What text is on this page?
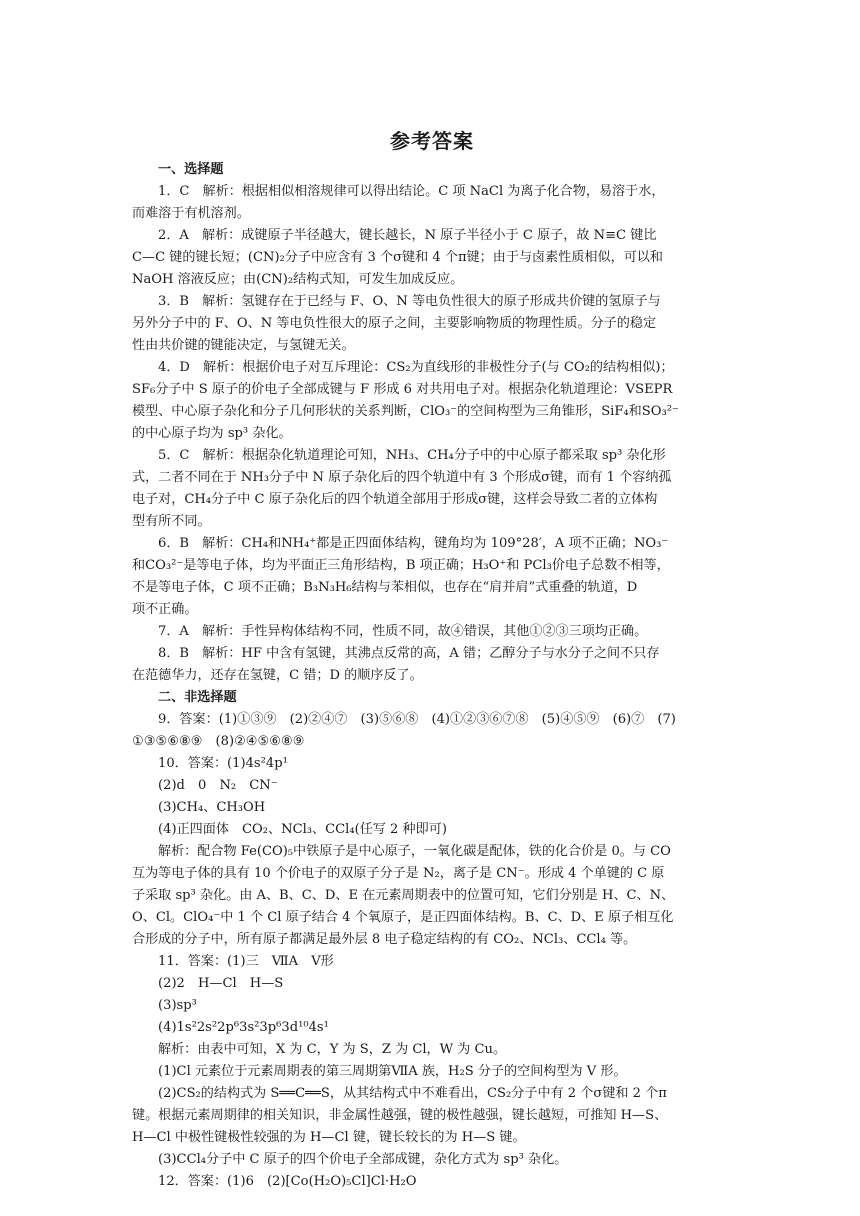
参考答案
一、选择题
1．C　解析：根据相似相溶规律可以得出结论。C 项 NaCl 为离子化合物，易溶于水，
而难溶于有机溶剂。
2．A　解析：成键原子半径越大，键长越长，N 原子半径小于 C 原子，故 N≡C 键比
C—C 键的键长短；(CN)₂分子中应含有 3 个σ键和 4 个π键；由于与卤素性质相似，可以和
NaOH 溶液反应；由(CN)₂结构式知，可发生加成反应。
3．B　解析：氢键存在于已经与 F、O、N 等电负性很大的原子形成共价键的氢原子与
另外分子中的 F、O、N 等电负性很大的原子之间，主要影响物质的物理性质。分子的稳定
性由共价键的键能决定，与氢键无关。
4．D　解析：根据价电子对互斥理论：CS₂为直线形的非极性分子(与 CO₂的结构相似)；
SF₆分子中 S 原子的价电子全部成键与 F 形成 6 对共用电子对。根据杂化轨道理论：VSEPR
模型、中心原子杂化和分子几何形状的关系判断，ClO₃⁻的空间构型为三角锥形，SiF₄和SO₃²⁻
的中心原子均为 sp³ 杂化。
5．C　解析：根据杂化轨道理论可知，NH₃、CH₄分子中的中心原子都采取 sp³ 杂化形
式，二者不同在于 NH₃分子中 N 原子杂化后的四个轨道中有 3 个形成σ键，而有 1 个容纳孤
电子对，CH₄分子中 C 原子杂化后的四个轨道全部用于形成σ键，这样会导致二者的立体构
型有所不同。
6．B　解析：CH₄和NH₄⁺都是正四面体结构，键角均为 109°28′，A 项不正确；NO₃⁻
和CO₃²⁻是等电子体，均为平面正三角形结构，B 项正确；H₃O⁺和 PCl₃价电子总数不相等，
不是等电子体，C 项不正确；B₃N₃H₆结构与苯相似，也存在“肩并肩”式重叠的轨道，D
项不正确。
7．A　解析：手性异构体结构不同，性质不同，故④错误，其他①②③三项均正确。
8．B　解析：HF 中含有氢键，其沸点反常的高，A 错；乙醇分子与水分子之间不只存
在范德华力，还存在氢键，C 错；D 的顺序反了。
二、非选择题
9．答案：(1)①③⑨　(2)②④⑦　(3)⑤⑥⑧　(4)①②③⑥⑦⑧　(5)④⑤⑨　(6)⑦　(7)
①③⑤⑥⑧⑨　(8)②④⑤⑥⑧⑨
10．答案：(1)4s²4p¹
(2)d　0　N₂　CN⁻
(3)CH₄、CH₃OH
(4)正四面体　CO₂、NCl₃、CCl₄(任写 2 种即可)
解析：配合物 Fe(CO)₅中铁原子是中心原子，一氧化碳是配体，铁的化合价是 0。与 CO
互为等电子体的具有 10 个价电子的双原子分子是 N₂，离子是 CN⁻。形成 4 个单键的 C 原
子采取 sp³ 杂化。由 A、B、C、D、E 在元素周期表中的位置可知，它们分别是 H、C、N、
O、Cl。ClO₄⁻中 1 个 Cl 原子结合 4 个氧原子，是正四面体结构。B、C、D、E 原子相互化
合形成的分子中，所有原子都满足最外层 8 电子稳定结构的有 CO₂、NCl₃、CCl₄ 等。
11．答案：(1)三　ⅦA　V形
(2)2　H—Cl　H—S
(3)sp³
(4)1s²2s²2p⁶3s²3p⁶3d¹⁰4s¹
解析：由表中可知，X 为 C，Y 为 S，Z 为 Cl，W 为 Cu。
(1)Cl 元素位于元素周期表的第三周期第ⅦA 族，H₂S 分子的空间构型为 V 形。
(2)CS₂的结构式为 S══C══S，从其结构式中不难看出，CS₂分子中有 2 个σ键和 2 个π
键。根据元素周期律的相关知识，非金属性越强，键的极性越强，键长越短，可推知 H—S、
H—Cl 中极性键极性较强的为 H—Cl 键，键长较长的为 H—S 键。
(3)CCl₄分子中 C 原子的四个价电子全部成键，杂化方式为 sp³ 杂化。
12．答案：(1)6　(2)[Co(H₂O)₅Cl]Cl·H₂O
